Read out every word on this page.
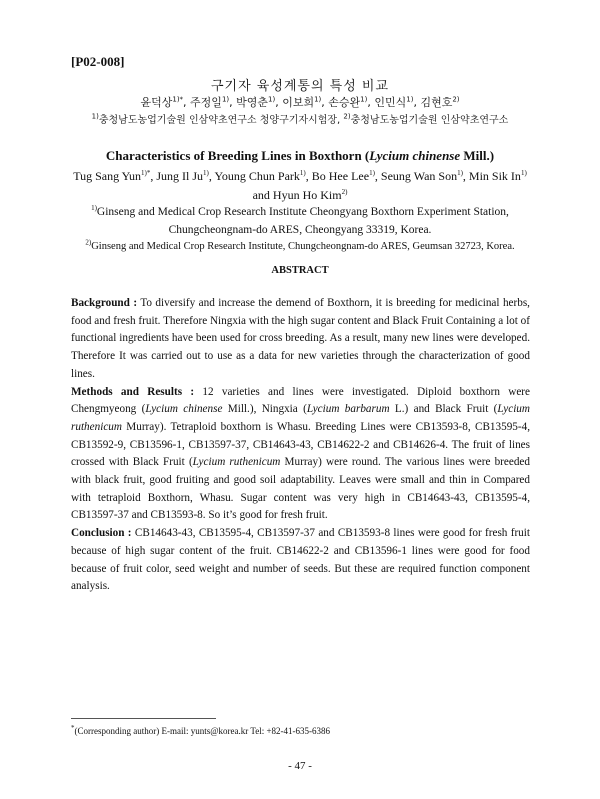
[P02-008]
구기자 육성계통의 특성 비교
윤덕상$^{1)*}$, 주정일$^{1)}$, 박영춘$^{1)}$, 이보희$^{1)}$, 손승완$^{1)}$, 인민식$^{1)}$, 김현호$^{2)}$
$^{1)}$충청남도농업기술원 인삼약초연구소 청양구기자시험장, $^{2)}$충청남도농업기술원 인삼약초연구소
Characteristics of Breeding Lines in Boxthorn (Lycium chinense Mill.)
Tug Sang Yun$^{1)*}$, Jung Il Ju$^{1)}$, Young Chun Park$^{1)}$, Bo Hee Lee$^{1)}$, Seung Wan Son$^{1)}$, Min Sik In$^{1)}$ and Hyun Ho Kim$^{2)}$
$^{1)}$Ginseng and Medical Crop Research Institute Cheongyang Boxthorn Experiment Station, Chungcheongnam-do ARES, Cheongyang 33319, Korea.
$^{2)}$Ginseng and Medical Crop Research Institute, Chungcheongnam-do ARES, Geumsan 32723, Korea.
ABSTRACT

Background : To diversify and increase the demend of Boxthorn, it is breeding for medicinal herbs, food and fresh fruit. Therefore Ningxia with the high sugar content and Black Fruit Containing a lot of functional ingredients have been used for cross breeding. As a result, many new lines were developed. Therefore It was carried out to use as a data for new varieties through the characterization of good lines.

Methods and Results : 12 varieties and lines were investigated. Diploid boxthorn were Chengmyeong (Lycium chinense Mill.), Ningxia (Lycium barbarum L.) and Black Fruit (Lycium ruthenicum Murray). Tetraploid boxthorn is Whasu. Breeding Lines were CB13593-8, CB13595-4, CB13592-9, CB13596-1, CB13597-37, CB14643-43, CB14622-2 and CB14626-4. The fruit of lines crossed with Black Fruit (Lycium ruthenicum Murray) were round. The various lines were breeded with black fruit, good fruiting and good soil adaptability. Leaves were small and thin in Compared with tetraploid Boxthorn, Whasu. Sugar content was very high in CB14643-43, CB13595-4, CB13597-37 and CB13593-8. So it’s good for fresh fruit.

Conclusion : CB14643-43, CB13595-4, CB13597-37 and CB13593-8 lines were good for fresh fruit because of high sugar content of the fruit. CB14622-2 and CB13596-1 lines were good for food because of fruit color, seed weight and number of seeds. But these are required function component analysis.

*(Corresponding author) E-mail: yunts@korea.kr Tel: +82-41-635-6386
- 47 -
